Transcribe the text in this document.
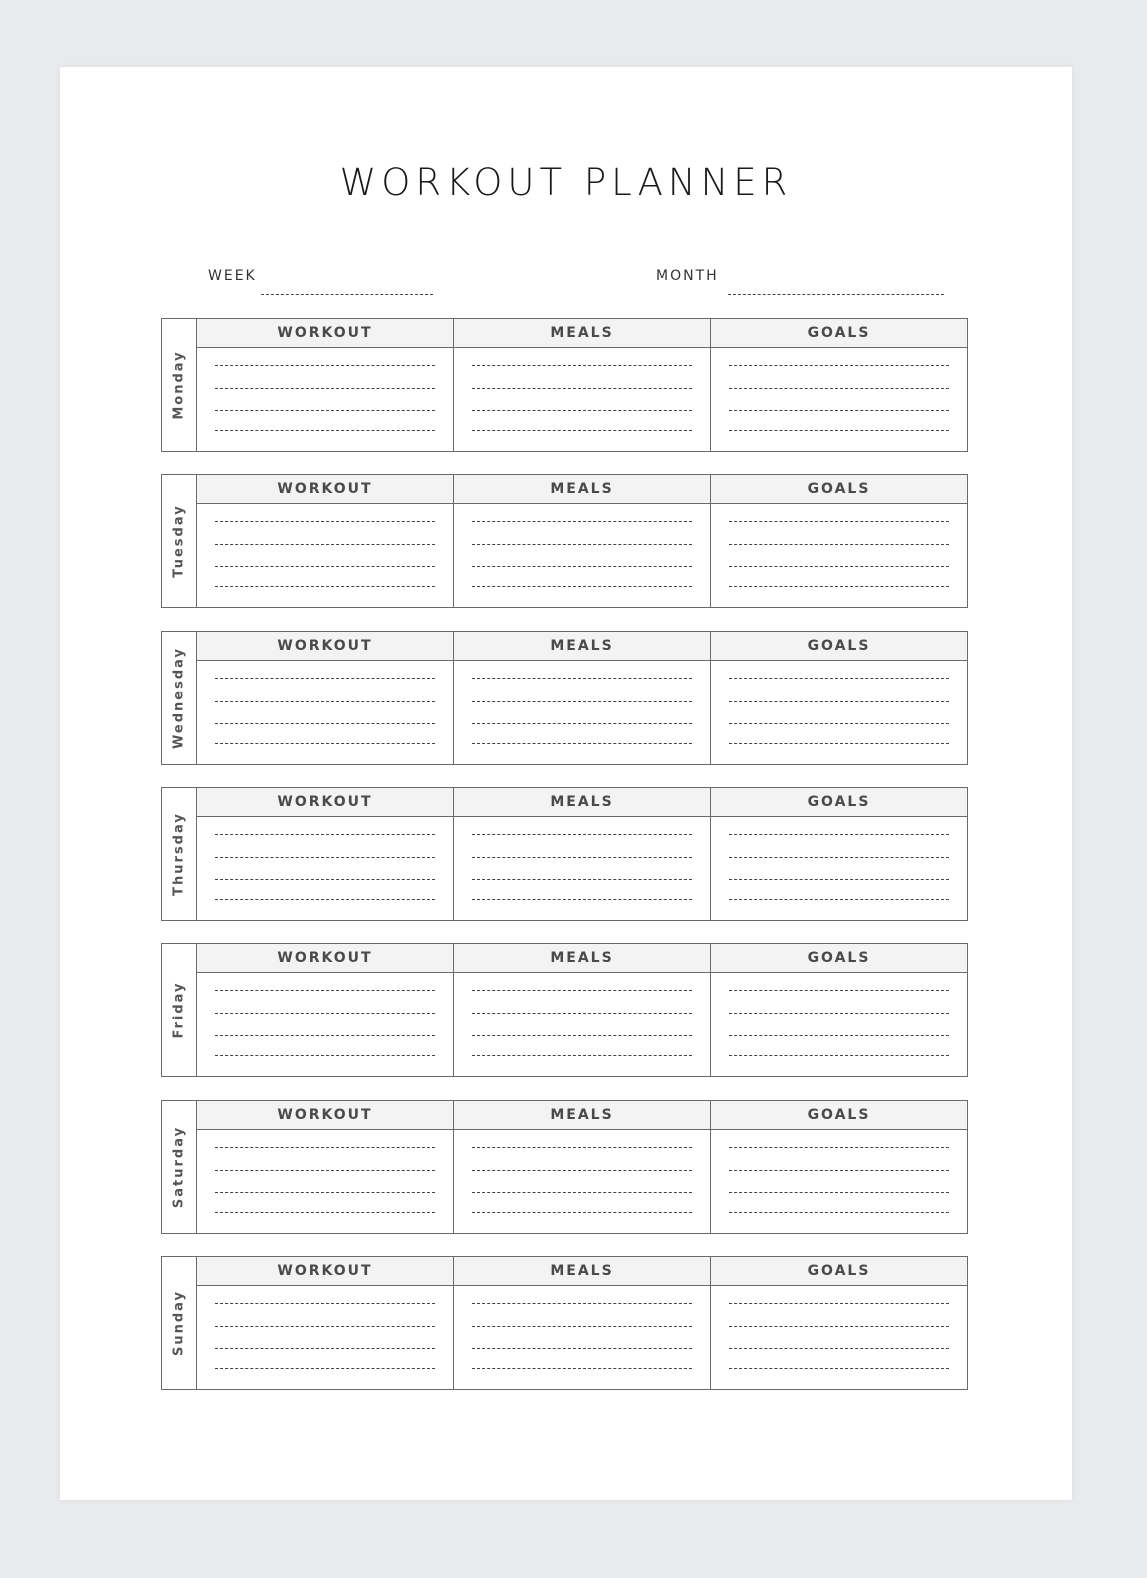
WORKOUT PLANNER
WEEK	MONTH
Monday
WORKOUT	MEALS	GOALS
Tuesday
WORKOUT	MEALS	GOALS
Wednesday
WORKOUT	MEALS	GOALS
Thursday
WORKOUT	MEALS	GOALS
Friday
WORKOUT	MEALS	GOALS
Saturday
WORKOUT	MEALS	GOALS
Sunday
WORKOUT	MEALS	GOALS
